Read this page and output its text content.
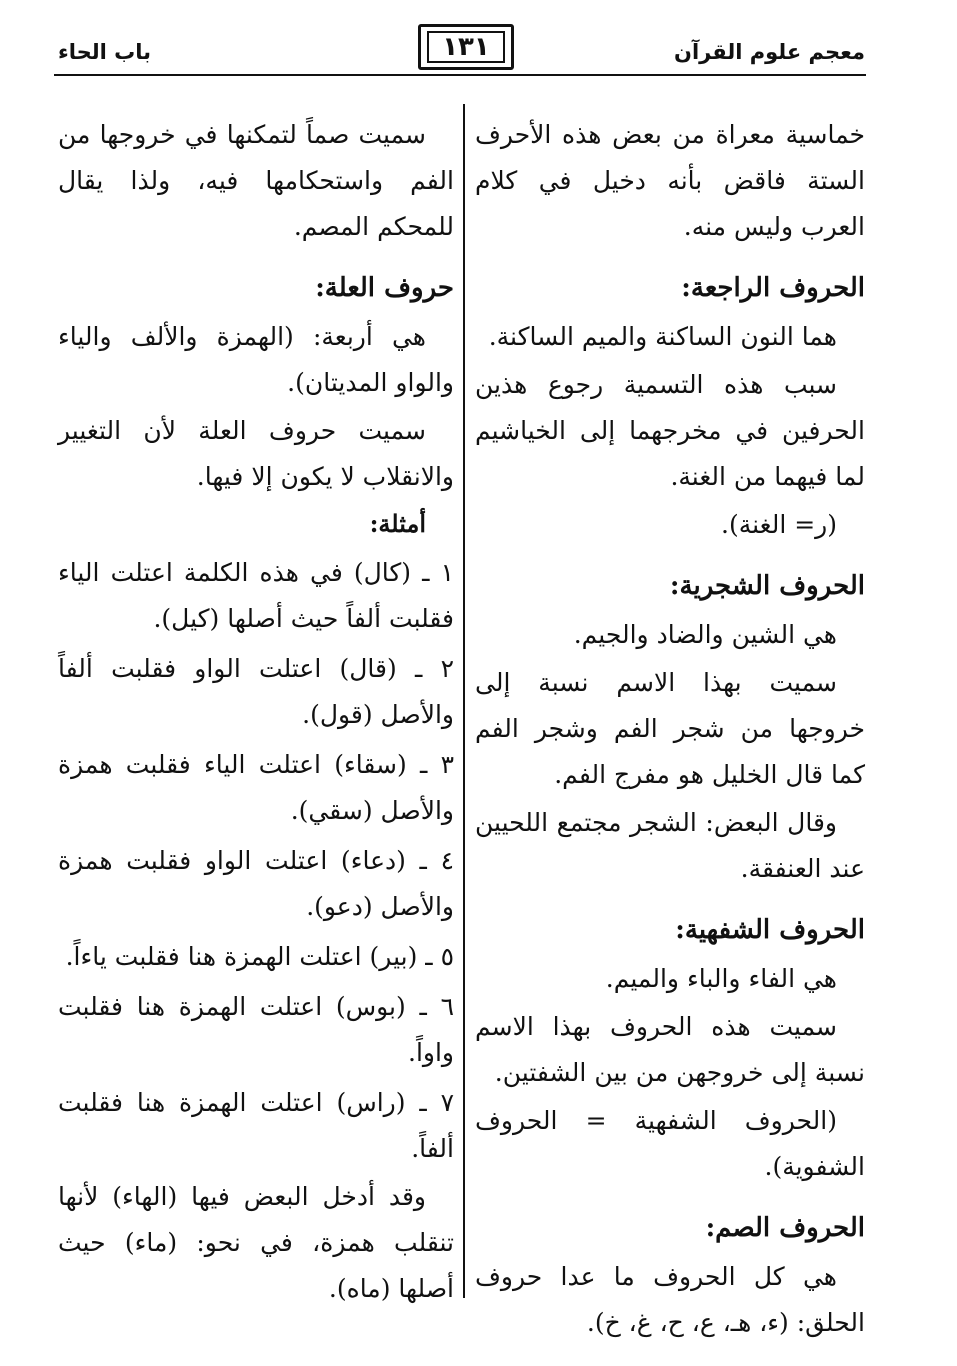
معجم علوم القرآن
١٣١
باب الحاء

خماسية معراة من بعض هذه الأحرف الستة فاقض بأنه دخيل في كلام العرب وليس منه.

الحروف الراجعة:

هما النون الساكنة والميم الساكنة.

سبب هذه التسمية رجوع هذين الحرفين في مخرجهما إلى الخياشيم لما فيهما من الغنة.

(ر= الغنة).

الحروف الشجرية:

هي الشين والضاد والجيم.

سميت بهذا الاسم نسبة إلى خروجها من شجر الفم وشجر الفم كما قال الخليل هو مفرج الفم.

وقال البعض: الشجر مجتمع اللحيين عند العنفقة.

الحروف الشفهية:

هي الفاء والباء والميم.

سميت هذه الحروف بهذا الاسم نسبة إلى خروجهن من بين الشفتين.

(الحروف الشفهية = الحروف الشفوية).

الحروف الصم:

هي كل الحروف ما عدا حروف الحلق: (ء، هـ، ع، ح، غ، خ).

سميت صماً لتمكنها في خروجها من الفم واستحكامها فيه، ولذا يقال للمحكم المصم.

حروف العلة:

هي أربعة: (الهمزة والألف والياء والواو المديتان).

سميت حروف العلة لأن التغيير والانقلاب لا يكون إلا فيها.

أمثلة:

١ ـ (كال) في هذه الكلمة اعتلت الياء فقلبت ألفاً حيث أصلها (كيل).

٢ ـ (قال) اعتلت الواو فقلبت ألفاً والأصل (قول).

٣ ـ (سقاء) اعتلت الياء فقلبت همزة والأصل (سقي).

٤ ـ (دعاء) اعتلت الواو فقلبت همزة والأصل (دعو).

٥ ـ (بير) اعتلت الهمزة هنا فقلبت ياءاً.

٦ ـ (بوس) اعتلت الهمزة هنا فقلبت واواً.

٧ ـ (راس) اعتلت الهمزة هنا فقلبت ألفاً.

وقد أدخل البعض فيها (الهاء) لأنها تنقلب همزة، في نحو: (ماء) حيث أصلها (ماه).
